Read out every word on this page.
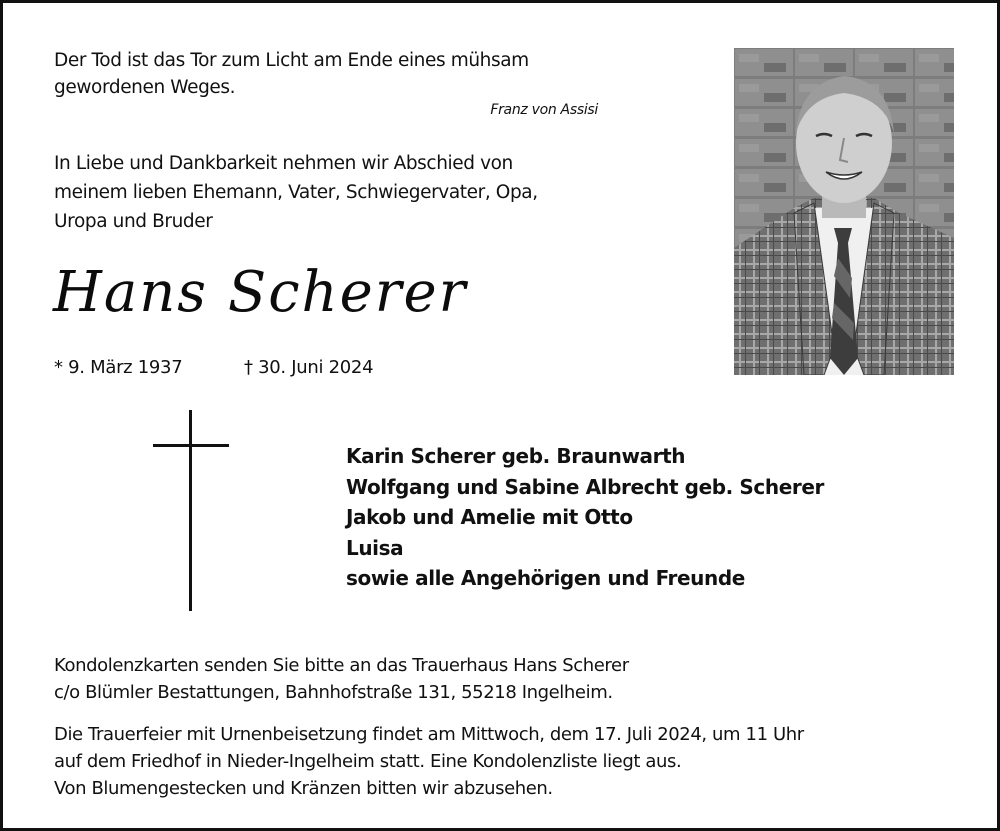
Der Tod ist das Tor zum Licht am Ende eines mühsam
gewordenen Weges.
Franz von Assisi
In Liebe und Dankbarkeit nehmen wir Abschied von
meinem lieben Ehemann, Vater, Schwiegervater, Opa,
Uropa und Bruder
Hans Scherer
* 9. März 1937	† 30. Juni 2024
Karin Scherer geb. Braunwarth
Wolfgang und Sabine Albrecht geb. Scherer
Jakob und Amelie mit Otto
Luisa
sowie alle Angehörigen und Freunde
Kondolenzkarten senden Sie bitte an das Trauerhaus Hans Scherer
c/o Blümler Bestattungen, Bahnhofstraße 131, 55218 Ingelheim.
Die Trauerfeier mit Urnenbeisetzung findet am Mittwoch, dem 17. Juli 2024, um 11 Uhr
auf dem Friedhof in Nieder-Ingelheim statt. Eine Kondolenzliste liegt aus.
Von Blumengestecken und Kränzen bitten wir abzusehen.
